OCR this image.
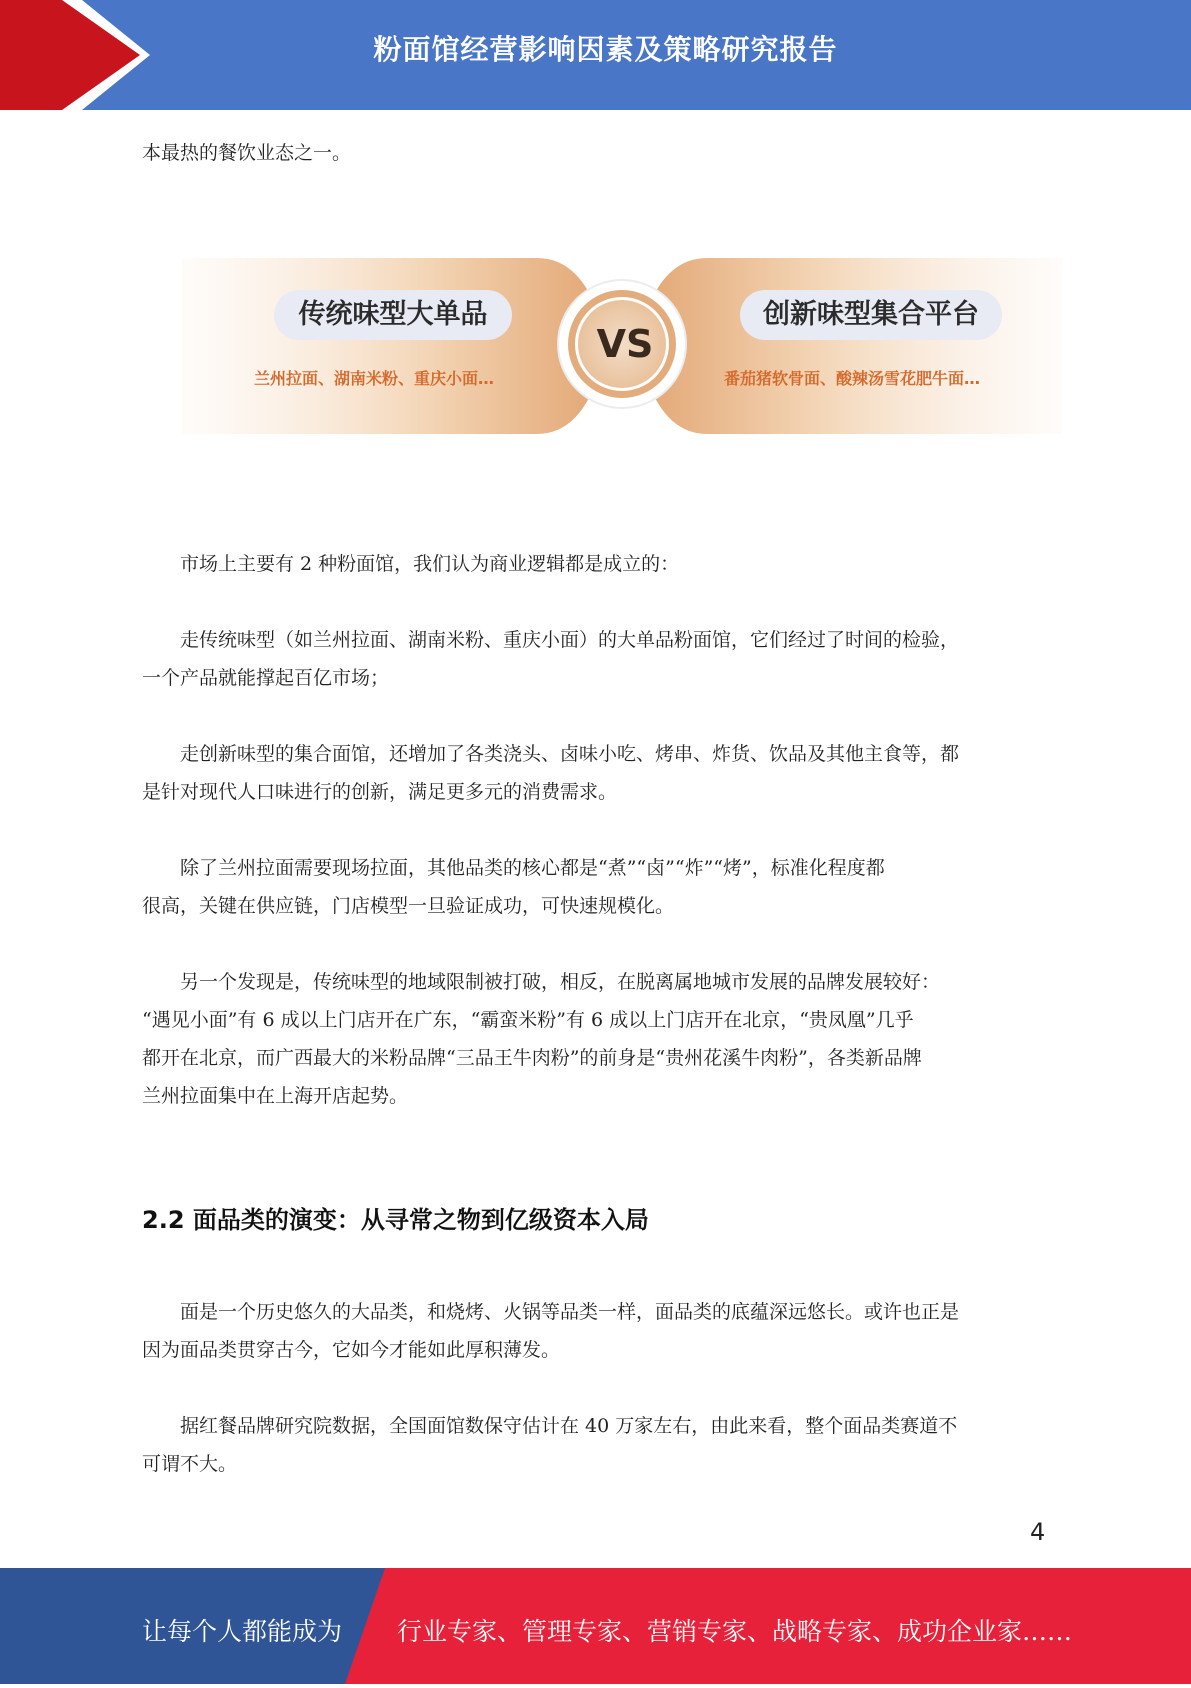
粉面馆经营影响因素及策略研究报告

本最热的餐饮业态之一。

传统味型大单品
兰州拉面、湖南米粉、重庆小面…
VS
创新味型集合平台
番茄猪软骨面、酸辣汤雪花肥牛面…

市场上主要有 2 种粉面馆，我们认为商业逻辑都是成立的：

走传统味型（如兰州拉面、湖南米粉、重庆小面）的大单品粉面馆，它们经过了时间的检验，

一个产品就能撑起百亿市场；

走创新味型的集合面馆，还增加了各类浇头、卤味小吃、烤串、炸货、饮品及其他主食等，都

是针对现代人口味进行的创新，满足更多元的消费需求。

除了兰州拉面需要现场拉面，其他品类的核心都是“煮”“卤”“炸”“烤”，标准化程度都

很高，关键在供应链，门店模型一旦验证成功，可快速规模化。

另一个发现是，传统味型的地域限制被打破，相反，在脱离属地城市发展的品牌发展较好：

“遇见小面”有 6 成以上门店开在广东，“霸蛮米粉”有 6 成以上门店开在北京，“贵凤凰”几乎

都开在北京，而广西最大的米粉品牌“三品王牛肉粉”的前身是“贵州花溪牛肉粉”，各类新品牌

兰州拉面集中在上海开店起势。

2.2 面品类的演变：从寻常之物到亿级资本入局

面是一个历史悠久的大品类，和烧烤、火锅等品类一样，面品类的底蕴深远悠长。或许也正是

因为面品类贯穿古今，它如今才能如此厚积薄发。

据红餐品牌研究院数据，全国面馆数保守估计在 40 万家左右，由此来看，整个面品类赛道不

可谓不大。

4
让每个人都能成为 行业专家、管理专家、营销专家、战略专家、成功企业家……
